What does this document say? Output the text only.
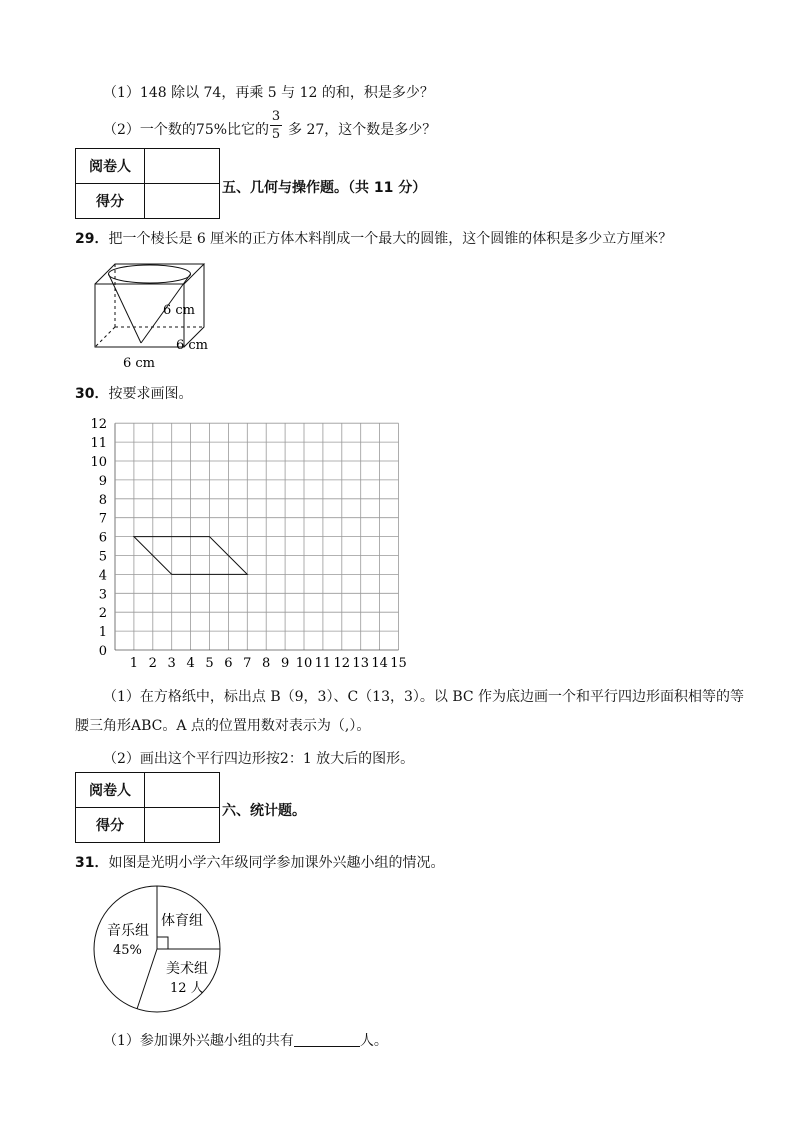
（1）148 除以 74，再乘 5 与 12 的和，积是多少？
（2）一个数的75%比它的
3
5 多 27，这个数是多少？
阅卷人	
得分	
五、几何与操作题。（共 11 分）
29．把一个棱长是 6 厘米的正方体木料削成一个最大的圆锥，这个圆锥的体积是多少立方厘米？
6 cm
6 cm
6 cm
30．按要求画图。
1 2 3 4 5 6 7 8 9 10 11 12 13 14 15
0
1
2
3
4
5
6
7
8
9
10
11
12
（1）在方格纸中，标出点 B（9，3）、C（13，3）。以 BC 作为底边画一个和平行四边形面积相等的等
腰三角形ABC。A 点的位置用数对表示为（,）。
（2）画出这个平行四边形按2：1 放大后的图形。
阅卷人	
得分	
六、统计题。
31．如图是光明小学六年级同学参加课外兴趣小组的情况。
音乐组
45%
体育组
美术组
12 人
（1）参加课外兴趣小组的共有	人。
